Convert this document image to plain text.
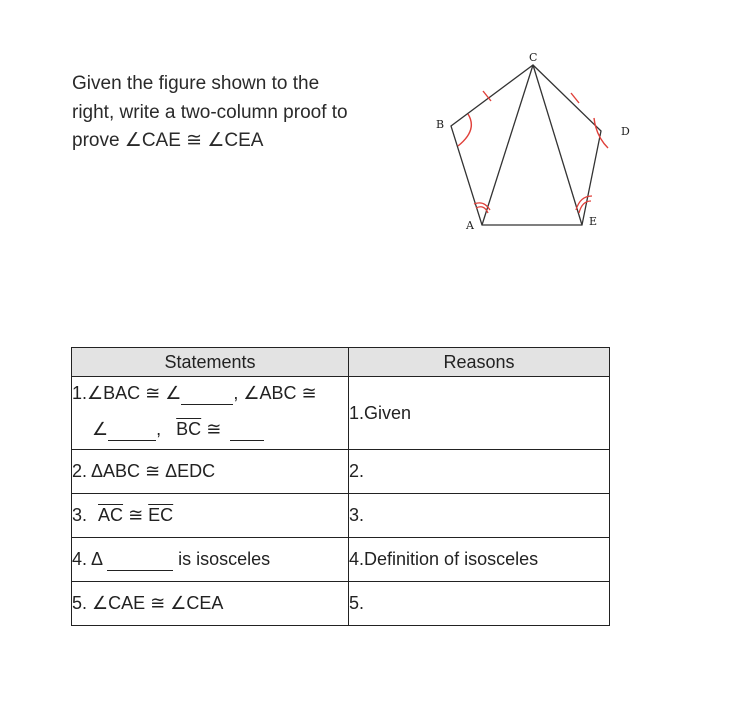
Given the figure shown to the
right, write a two-column proof to
prove ∠CAE ≅ ∠CEA
C
B
D
A	E
Statements	Reasons

1.∠BAC ≅ ∠ , ∠ABC ≅
∠ , $\overline{BC}$ ≅	1.Given
2. ΔABC ≅ ΔEDC	2.
3. $\overline{AC}$ ≅ $\overline{EC}$	3.
4. Δ is isosceles	4.Definition of isosceles
5. ∠CAE ≅ ∠CEA	5.
